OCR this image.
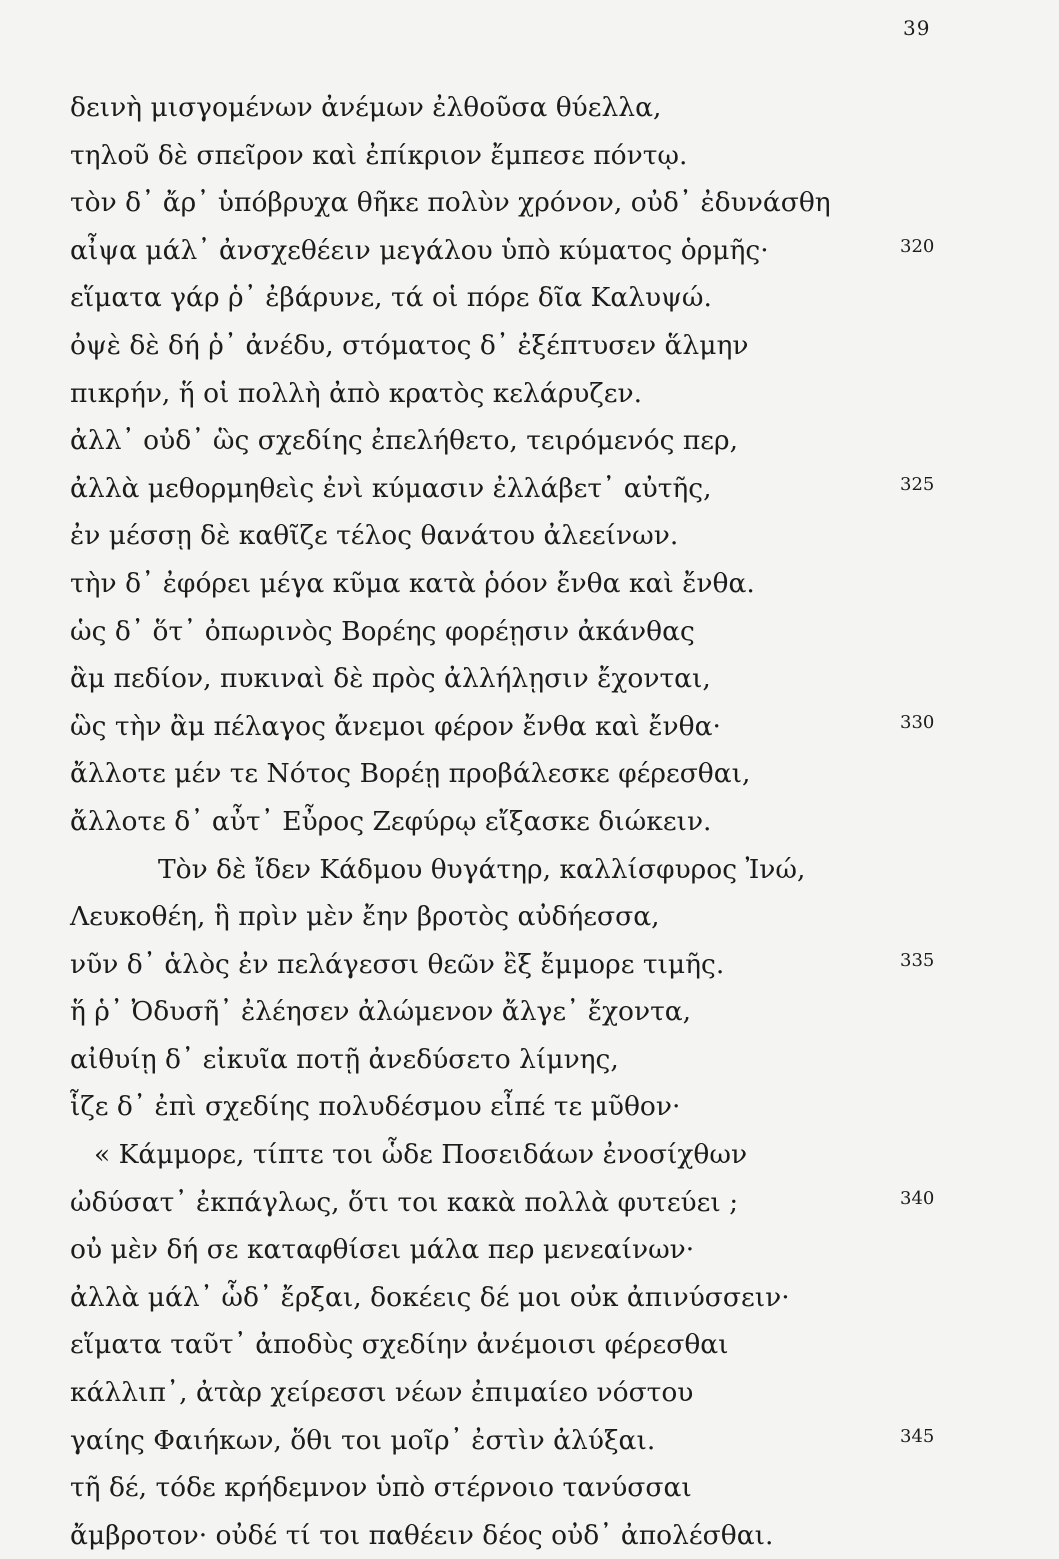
39
δεινὴ μισγομένων ἀνέμων ἐλθοῦσα θύελλα,
τηλοῦ δὲ σπεῖρον καὶ ἐπίκριον ἔμπεσε πόντῳ.
τὸν δ᾽ ἄρ᾽ ὑπόβρυχα θῆκε πολὺν χρόνον, οὐδ᾽ ἐδυνάσθη
αἶψα μάλ᾽ ἀνσχεθέειν μεγάλου ὑπὸ κύματος ὁρμῆς·	320
εἵματα γάρ ῥ᾽ ἐβάρυνε, τά οἱ πόρε δῖα Καλυψώ.
ὀψὲ δὲ δή ῥ᾽ ἀνέδυ, στόματος δ᾽ ἐξέπτυσεν ἅλμην
πικρήν, ἥ οἱ πολλὴ ἀπὸ κρατὸς κελάρυζεν.
ἀλλ᾽ οὐδ᾽ ὣς σχεδίης ἐπελήθετο, τειρόμενός περ,
ἀλλὰ μεθορμηθεὶς ἐνὶ κύμασιν ἐλλάβετ᾽ αὐτῆς,	325
ἐν μέσσῃ δὲ καθῖζε τέλος θανάτου ἀλεείνων.
τὴν δ᾽ ἐφόρει μέγα κῦμα κατὰ ῥόον ἔνθα καὶ ἔνθα.
ὡς δ᾽ ὅτ᾽ ὀπωρινὸς Βορέης φορέῃσιν ἀκάνθας
ἂμ πεδίον, πυκιναὶ δὲ πρὸς ἀλλήλῃσιν ἔχονται,
ὣς τὴν ἂμ πέλαγος ἄνεμοι φέρον ἔνθα καὶ ἔνθα·	330
ἄλλοτε μέν τε Νότος Βορέῃ προβάλεσκε φέρεσθαι,
ἄλλοτε δ᾽ αὖτ᾽ Εὖρος Ζεφύρῳ εἴξασκε διώκειν.
Τὸν δὲ ἴδεν Κάδμου θυγάτηρ, καλλίσφυρος Ἰνώ,
Λευκοθέη, ἣ πρὶν μὲν ἔην βροτὸς αὐδήεσσα,
νῦν δ᾽ ἁλὸς ἐν πελάγεσσι θεῶν ἒξ ἔμμορε τιμῆς.	335
ἥ ῥ᾽ Ὀδυσῆ᾽ ἐλέησεν ἀλώμενον ἄλγε᾽ ἔχοντα,
αἰθυίῃ δ᾽ εἰκυῖα ποτῇ ἀνεδύσετο λίμνης,
ἷζε δ᾽ ἐπὶ σχεδίης πολυδέσμου εἶπέ τε μῦθον·
« Κάμμορε, τίπτε τοι ὧδε Ποσειδάων ἐνοσίχθων
ὠδύσατ᾽ ἐκπάγλως, ὅτι τοι κακὰ πολλὰ φυτεύει ;	340
οὐ μὲν δή σε καταφθίσει μάλα περ μενεαίνων·
ἀλλὰ μάλ᾽ ὧδ᾽ ἔρξαι, δοκέεις δέ μοι οὐκ ἀπινύσσειν·
εἵματα ταῦτ᾽ ἀποδὺς σχεδίην ἀνέμοισι φέρεσθαι
κάλλιπ᾽, ἀτὰρ χείρεσσι νέων ἐπιμαίεο νόστου
γαίης Φαιήκων, ὅθι τοι μοῖρ᾽ ἐστὶν ἀλύξαι.	345
τῆ δέ, τόδε κρήδεμνον ὑπὸ στέρνοιο τανύσσαι
ἄμβροτον· οὐδέ τί τοι παθέειν δέος οὐδ᾽ ἀπολέσθαι.
